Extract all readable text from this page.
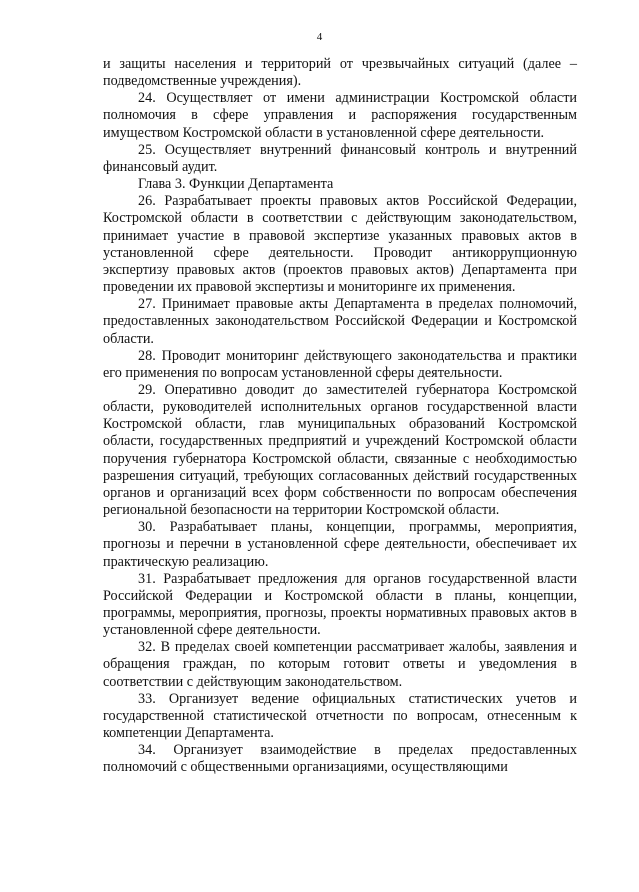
4

и защиты населения и территорий от чрезвычайных ситуаций (далее – подведомственные учреждения).

24. Осуществляет от имени администрации Костромской области полномочия в сфере управления и распоряжения государственным имуществом Костромской области в установленной сфере деятельности.

25. Осуществляет внутренний финансовый контроль и внутренний финансовый аудит.

Глава 3. Функции Департамента

26. Разрабатывает проекты правовых актов Российской Федерации, Костромской области в соответствии с действующим законодательством, принимает участие в правовой экспертизе указанных правовых актов в установленной сфере деятельности. Проводит антикоррупционную экспертизу правовых актов (проектов правовых актов) Департамента при проведении их правовой экспертизы и мониторинге их применения.

27. Принимает правовые акты Департамента в пределах полномочий, предоставленных законодательством Российской Федерации и Костромской области.

28. Проводит мониторинг действующего законодательства и практики его применения по вопросам установленной сферы деятельности.

29. Оперативно доводит до заместителей губернатора Костромской области, руководителей исполнительных органов государственной власти Костромской области, глав муниципальных образований Костромской области, государственных предприятий и учреждений Костромской области поручения губернатора Костромской области, связанные с необходимостью разрешения ситуаций, требующих согласованных действий государственных органов и организаций всех форм собственности по вопросам обеспечения региональной безопасности на территории Костромской области.

30. Разрабатывает планы, концепции, программы, мероприятия, прогнозы и перечни в установленной сфере деятельности, обеспечивает их практическую реализацию.

31. Разрабатывает предложения для органов государственной власти Российской Федерации и Костромской области в планы, концепции, программы, мероприятия, прогнозы, проекты нормативных правовых актов в установленной сфере деятельности.

32. В пределах своей компетенции рассматривает жалобы, заявления и обращения граждан, по которым готовит ответы и уведомления в соответствии с действующим законодательством.

33. Организует ведение официальных статистических учетов и государственной статистической отчетности по вопросам, отнесенным к компетенции Департамента.

34. Организует взаимодействие в пределах предоставленных полномочий с общественными организациями, осуществляющими
